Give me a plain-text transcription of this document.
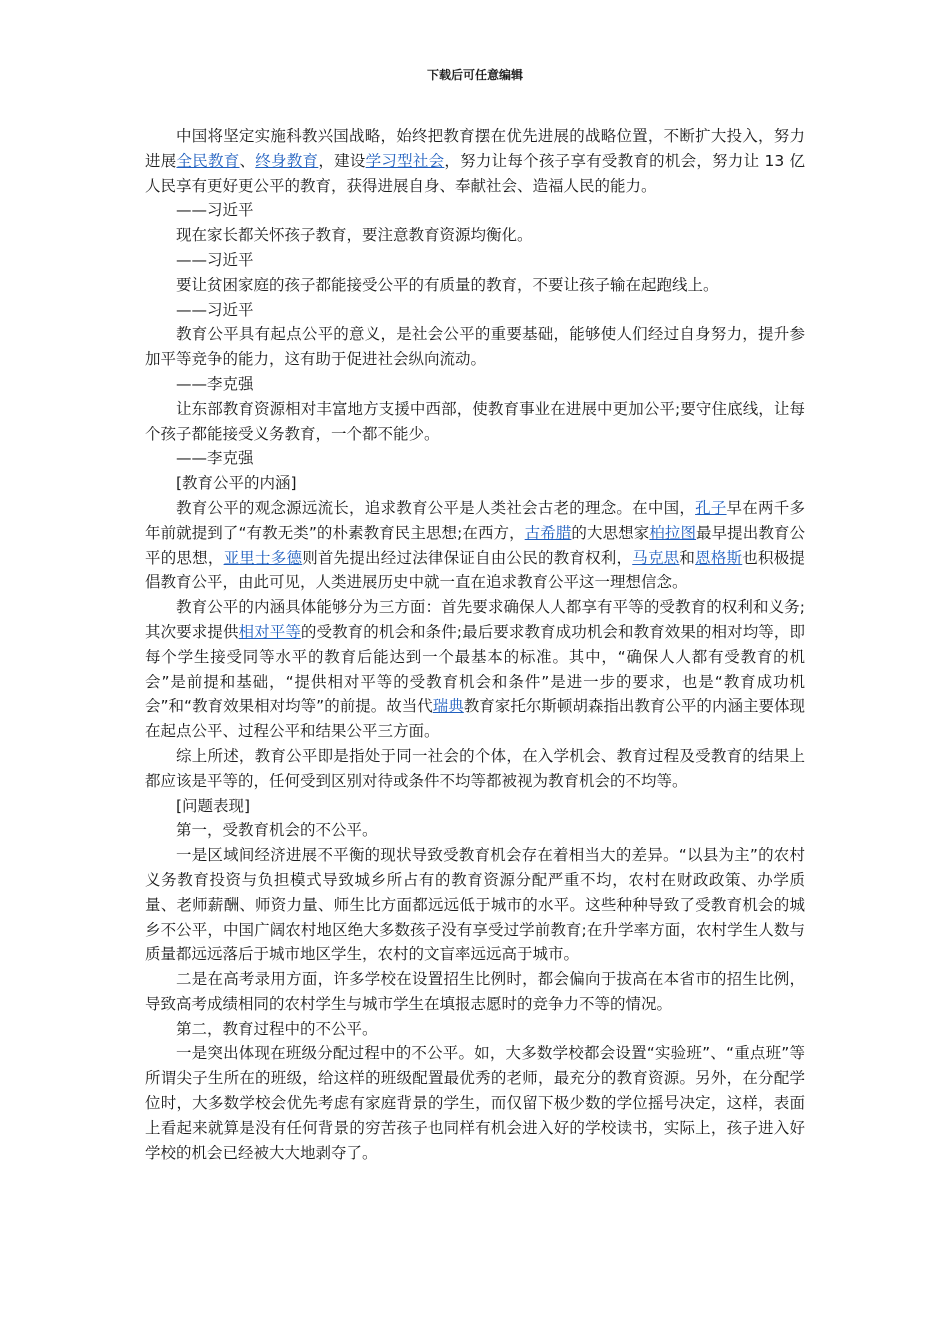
下载后可任意编辑

中国将坚定实施科教兴国战略，始终把教育摆在优先进展的战略位置，不断扩大投入，努力进展全民教育、终身教育，建设学习型社会，努力让每个孩子享有受教育的机会，努力让 13 亿人民享有更好更公平的教育，获得进展自身、奉献社会、造福人民的能力。

——习近平

现在家长都关怀孩子教育，要注意教育资源均衡化。

——习近平

要让贫困家庭的孩子都能接受公平的有质量的教育，不要让孩子输在起跑线上。

——习近平

教育公平具有起点公平的意义，是社会公平的重要基础，能够使人们经过自身努力，提升参加平等竞争的能力，这有助于促进社会纵向流动。

——李克强

让东部教育资源相对丰富地方支援中西部，使教育事业在进展中更加公平;要守住底线，让每个孩子都能接受义务教育，一个都不能少。

——李克强

[教育公平的内涵]

教育公平的观念源远流长，追求教育公平是人类社会古老的理念。在中国，孔子早在两千多年前就提到了“有教无类”的朴素教育民主思想;在西方，古希腊的大思想家柏拉图最早提出教育公平的思想，亚里士多德则首先提出经过法律保证自由公民的教育权利，马克思和恩格斯也积极提倡教育公平，由此可见，人类进展历史中就一直在追求教育公平这一理想信念。

教育公平的内涵具体能够分为三方面：首先要求确保人人都享有平等的受教育的权利和义务;其次要求提供相对平等的受教育的机会和条件;最后要求教育成功机会和教育效果的相对均等，即每个学生接受同等水平的教育后能达到一个最基本的标准。其中，“确保人人都有受教育的机会”是前提和基础，“提供相对平等的受教育机会和条件”是进一步的要求，也是“教育成功机会”和“教育效果相对均等”的前提。故当代瑞典教育家托尔斯顿胡森指出教育公平的内涵主要体现在起点公平、过程公平和结果公平三方面。

综上所述，教育公平即是指处于同一社会的个体，在入学机会、教育过程及受教育的结果上都应该是平等的，任何受到区别对待或条件不均等都被视为教育机会的不均等。

[问题表现]

第一，受教育机会的不公平。

一是区域间经济进展不平衡的现状导致受教育机会存在着相当大的差异。“以县为主”的农村义务教育投资与负担模式导致城乡所占有的教育资源分配严重不均，农村在财政政策、办学质量、老师薪酬、师资力量、师生比方面都远远低于城市的水平。这些种种导致了受教育机会的城乡不公平，中国广阔农村地区绝大多数孩子没有享受过学前教育;在升学率方面，农村学生人数与质量都远远落后于城市地区学生，农村的文盲率远远高于城市。

二是在高考录用方面，许多学校在设置招生比例时，都会偏向于拔高在本省市的招生比例，导致高考成绩相同的农村学生与城市学生在填报志愿时的竞争力不等的情况。

第二，教育过程中的不公平。

一是突出体现在班级分配过程中的不公平。如，大多数学校都会设置“实验班”、“重点班”等所谓尖子生所在的班级，给这样的班级配置最优秀的老师，最充分的教育资源。另外，在分配学位时，大多数学校会优先考虑有家庭背景的学生，而仅留下极少数的学位摇号决定，这样，表面上看起来就算是没有任何背景的穷苦孩子也同样有机会进入好的学校读书，实际上，孩子进入好学校的机会已经被大大地剥夺了。
